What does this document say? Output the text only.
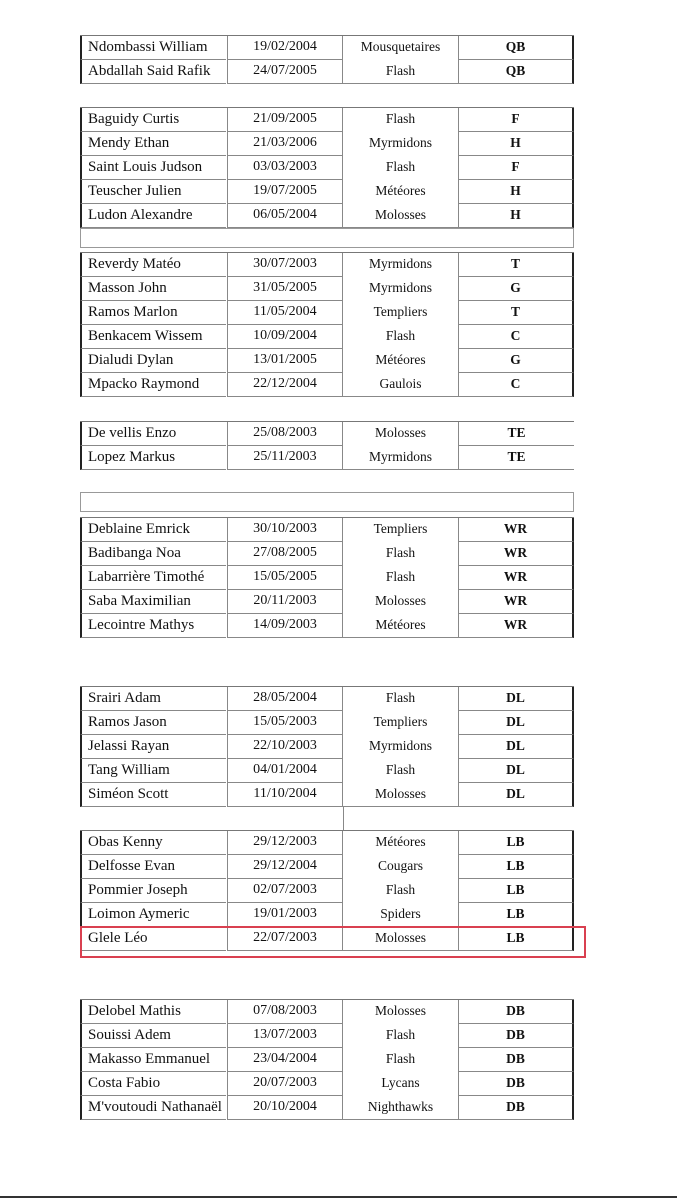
Ndombassi William	19/02/2004	Mousquetaires	QB
Abdallah Said Rafik	24/07/2005	Flash	QB
Baguidy Curtis	21/09/2005	Flash	F
Mendy Ethan	21/03/2006	Myrmidons	H
Saint Louis Judson	03/03/2003	Flash	F
Teuscher Julien	19/07/2005	Météores	H
Ludon Alexandre	06/05/2004	Molosses	H
Reverdy Matéo	30/07/2003	Myrmidons	T
Masson John	31/05/2005	Myrmidons	G
Ramos Marlon	11/05/2004	Templiers	T
Benkacem Wissem	10/09/2004	Flash	C
Dialudi Dylan	13/01/2005	Météores	G
Mpacko Raymond	22/12/2004	Gaulois	C
De vellis Enzo	25/08/2003	Molosses	TE
Lopez Markus	25/11/2003	Myrmidons	TE
Deblaine Emrick	30/10/2003	Templiers	WR
Badibanga Noa	27/08/2005	Flash	WR
Labarrière Timothé	15/05/2005	Flash	WR
Saba Maximilian	20/11/2003	Molosses	WR
Lecointre Mathys	14/09/2003	Météores	WR
Srairi Adam	28/05/2004	Flash	DL
Ramos Jason	15/05/2003	Templiers	DL
Jelassi Rayan	22/10/2003	Myrmidons	DL
Tang William	04/01/2004	Flash	DL
Siméon Scott	11/10/2004	Molosses	DL
Obas Kenny	29/12/2003	Météores	LB
Delfosse Evan	29/12/2004	Cougars	LB
Pommier Joseph	02/07/2003	Flash	LB
Loimon Aymeric	19/01/2003	Spiders	LB
Glele Léo	22/07/2003	Molosses	LB
Delobel Mathis	07/08/2003	Molosses	DB
Souissi Adem	13/07/2003	Flash	DB
Makasso Emmanuel	23/04/2004	Flash	DB
Costa Fabio	20/07/2003	Lycans	DB
M'voutoudi Nathanaël	20/10/2004	Nighthawks	DB
